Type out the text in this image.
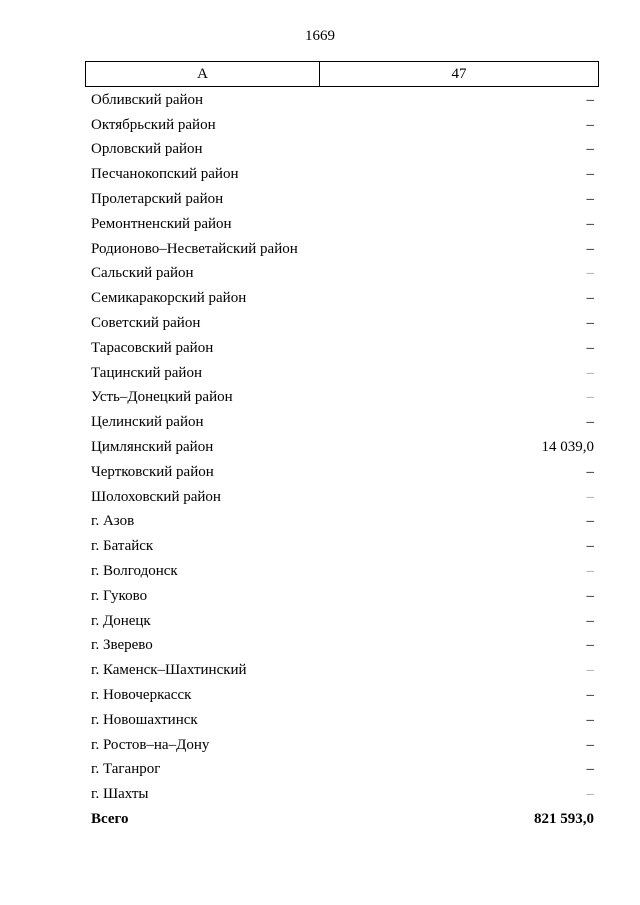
1669
А	47
Обливский район	–
Октябрьский район	–
Орловский район	–
Песчанокопский район	–
Пролетарский район	–
Ремонтненский район	–
Родионово–Несветайский район	–
Сальский район	–
Семикаракорский район	–
Советский район	–
Тарасовский район	–
Тацинский район	–
Усть–Донецкий район	–
Целинский район	–
Цимлянский район	14 039,0
Чертковский район	–
Шолоховский район	–
г. Азов	–
г. Батайск	–
г. Волгодонск	–
г. Гуково	–
г. Донецк	–
г. Зверево	–
г. Каменск–Шахтинский	–
г. Новочеркасск	–
г. Новошахтинск	–
г. Ростов–на–Дону	–
г. Таганрог	–
г. Шахты	–
Всего	821 593,0
